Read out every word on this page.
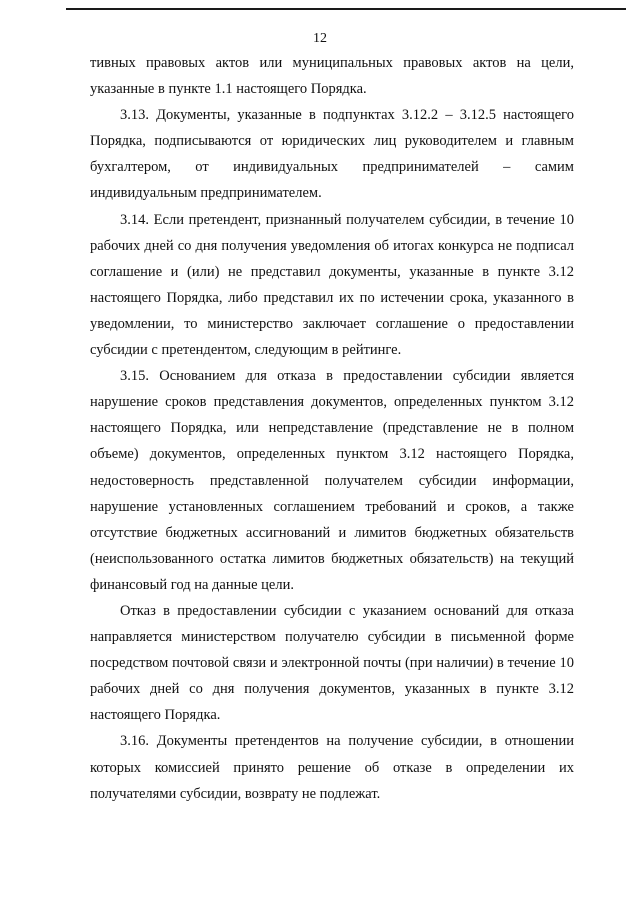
12

тивных правовых актов или муниципальных правовых актов на цели, указанные в пункте 1.1 настоящего Порядка.

3.13. Документы, указанные в подпунктах 3.12.2 – 3.12.5 настоящего Порядка, подписываются от юридических лиц руководителем и главным бухгалтером, от индивидуальных предпринимателей – самим индивидуальным предпринимателем.

3.14. Если претендент, признанный получателем субсидии, в течение 10 рабочих дней со дня получения уведомления об итогах конкурса не подписал соглашение и (или) не представил документы, указанные в пункте 3.12 настоящего Порядка, либо представил их по истечении срока, указанного в уведомлении, то министерство заключает соглашение о предоставлении субсидии с претендентом, следующим в рейтинге.

3.15. Основанием для отказа в предоставлении субсидии является нарушение сроков представления документов, определенных пунктом 3.12 настоящего Порядка, или непредставление (представление не в полном объеме) документов, определенных пунктом 3.12 настоящего Порядка, недостоверность представленной получателем субсидии информации, нарушение установленных соглашением требований и сроков, а также отсутствие бюджетных ассигнований и лимитов бюджетных обязательств (неиспользованного остатка лимитов бюджетных обязательств) на текущий финансовый год на данные цели.

Отказ в предоставлении субсидии с указанием оснований для отказа направляется министерством получателю субсидии в письменной форме посредством почтовой связи и электронной почты (при наличии) в течение 10 рабочих дней со дня получения документов, указанных в пункте 3.12 настоящего Порядка.

3.16. Документы претендентов на получение субсидии, в отношении которых комиссией принято решение об отказе в определении их получателями субсидии, возврату не подлежат.
